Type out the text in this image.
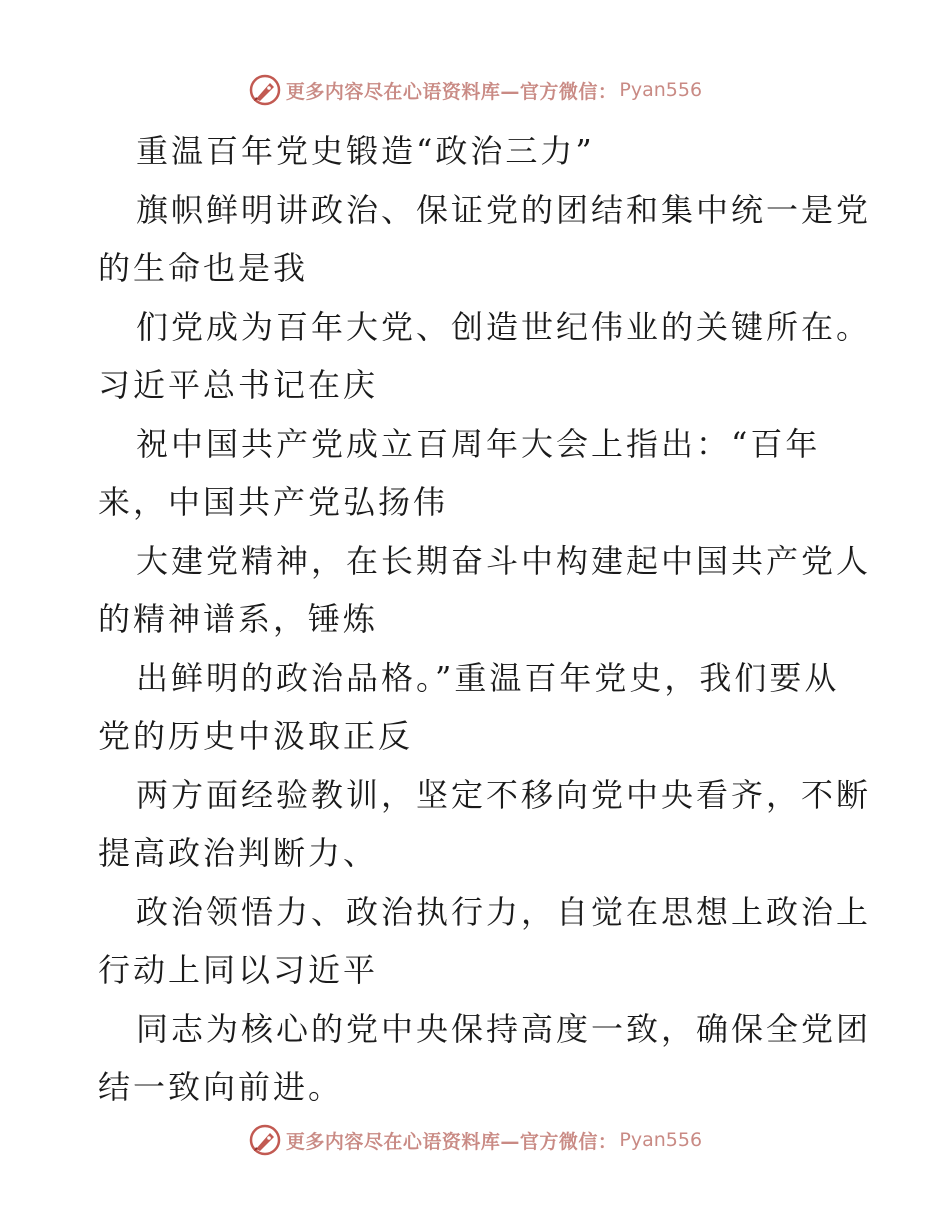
更多内容尽在心语资料库—官方微信： Pyan556
重温百年党史锻造“政治三力”
旗帜鲜明讲政治、保证党的团结和集中统一是党
的生命也是我
们党成为百年大党、创造世纪伟业的关键所在。
习近平总书记在庆
祝中国共产党成立百周年大会上指出：“百年
来，中国共产党弘扬伟
大建党精神，在长期奋斗中构建起中国共产党人
的精神谱系，锤炼
出鲜明的政治品格。”重温百年党史，我们要从
党的历史中汲取正反
两方面经验教训，坚定不移向党中央看齐，不断
提高政治判断力、
政治领悟力、政治执行力，自觉在思想上政治上
行动上同以习近平
同志为核心的党中央保持高度一致，确保全党团
结一致向前进。
更多内容尽在心语资料库—官方微信： Pyan556
